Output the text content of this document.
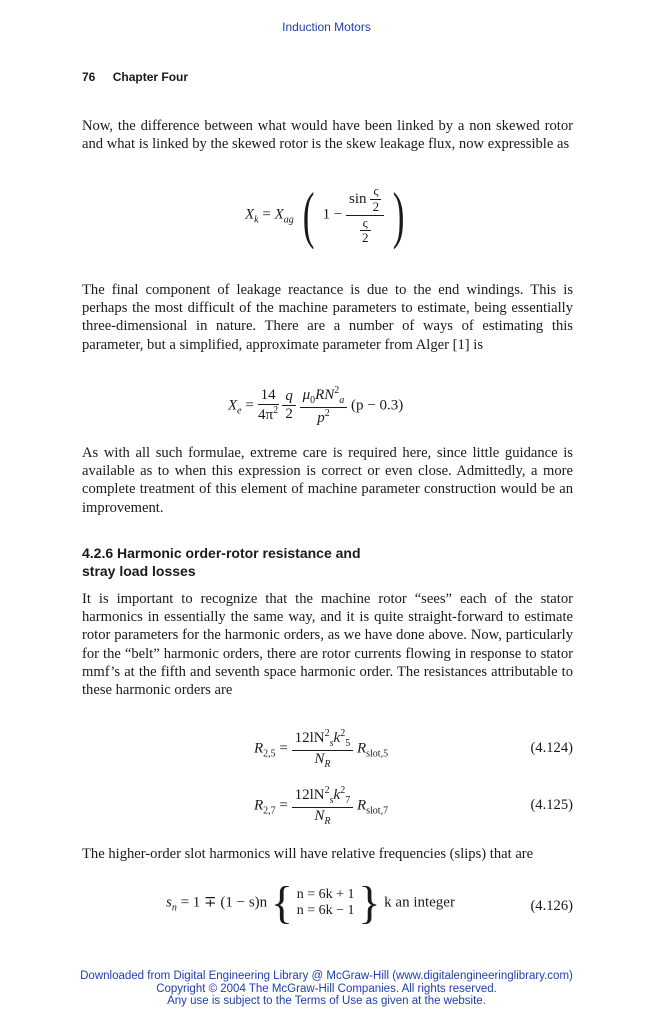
Induction Motors
76 Chapter Four
Now, the difference between what would have been linked by a non skewed rotor and what is linked by the skewed rotor is the skew leakage flux, now expressible as
$X_k = X_{ag}$ ( $1 - \frac{\sin \frac{\varsigma}{2}}{\frac{\varsigma}{2}}$ )
The final component of leakage reactance is due to the end windings. This is perhaps the most difficult of the machine parameters to estimate, being essentially three-dimensional in nature. There are a number of ways of estimating this parameter, but a simplified, approximate parameter from Alger [1] is
$X_e = \frac{14}{4\pi^2}$
$\frac{q}{2}$
$\frac{\mu_0RN^2_a}{p^2} (p - 0.3)$
As with all such formulae, extreme care is required here, since little guidance is available as to when this expression is correct or even close. Admittedly, a more complete treatment of this element of machine parameter construction would be an improvement.
4.2.6 Harmonic order-rotor resistance and
stray load losses
It is important to recognize that the machine rotor “sees” each of the stator harmonics in essentially the same way, and it is quite straight-forward to estimate rotor parameters for the harmonic orders, as we have done above. Now, particularly for the “belt” harmonic orders, there are rotor currents flowing in response to stator mmf’s at the fifth and seventh space harmonic order. The resistances attributable to these harmonic orders are
$R_{2,5} = \frac{12lN^2_sk^2_5}{N_R} R_{slot,5}$	(4.124)
$R_{2,7} = \frac{12lN^2_sk^2_7}{N_R} R_{slot,7}$	(4.125)
The higher-order slot harmonics will have relative frequencies (slips) that are
$s_n = 1 \mp (1 - s)n$ { n = 6k + 1
n = 6k − 1 } k an integer	(4.126)
Downloaded from Digital Engineering Library @ McGraw-Hill (www.digitalengineeringlibrary.com)
Copyright © 2004 The McGraw-Hill Companies. All rights reserved.
Any use is subject to the Terms of Use as given at the website.
